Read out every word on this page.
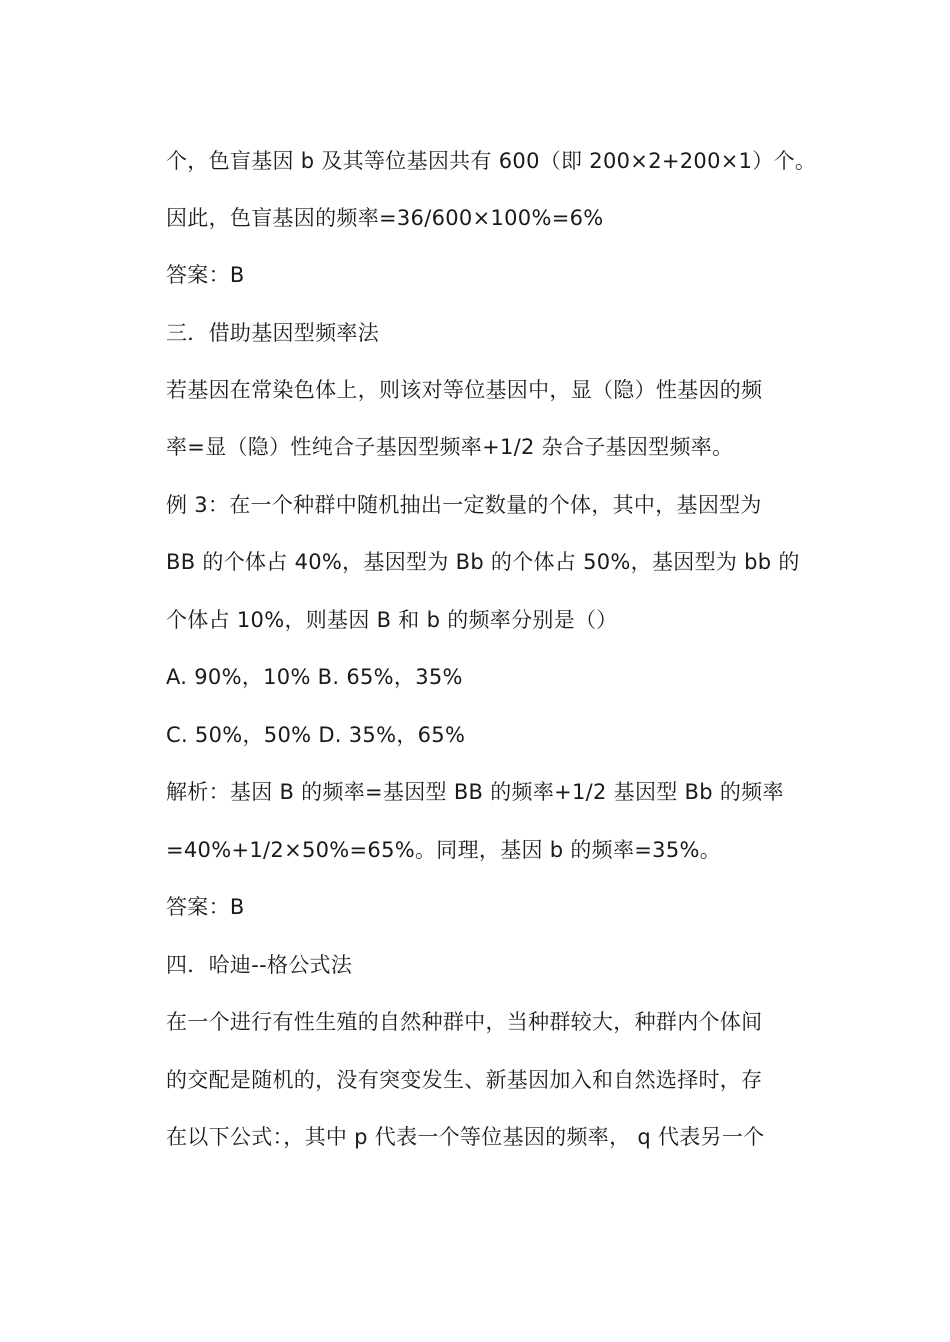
个，色盲基因 b 及其等位基因共有 600（即 200×2+200×1）个。
因此，色盲基因的频率=36/600×100%=6%
答案：B
三．借助基因型频率法
若基因在常染色体上，则该对等位基因中，显（隐）性基因的频
率=显（隐）性纯合子基因型频率+1/2 杂合子基因型频率。
例 3：在一个种群中随机抽出一定数量的个体，其中，基因型为
BB 的个体占 40%，基因型为 Bb 的个体占 50%，基因型为 bb 的
个体占 10%，则基因 B 和 b 的频率分别是（）
A. 90%，10% B. 65%，35%
C. 50%，50% D. 35%，65%
解析：基因 B 的频率=基因型 BB 的频率+1/2 基因型 Bb 的频率
=40%+1/2×50%=65%。同理，基因 b 的频率=35%。
答案：B
四．哈迪--格公式法
在一个进行有性生殖的自然种群中，当种群较大，种群内个体间
的交配是随机的，没有突变发生、新基因加入和自然选择时，存
在以下公式：，其中 p 代表一个等位基因的频率， q 代表另一个
